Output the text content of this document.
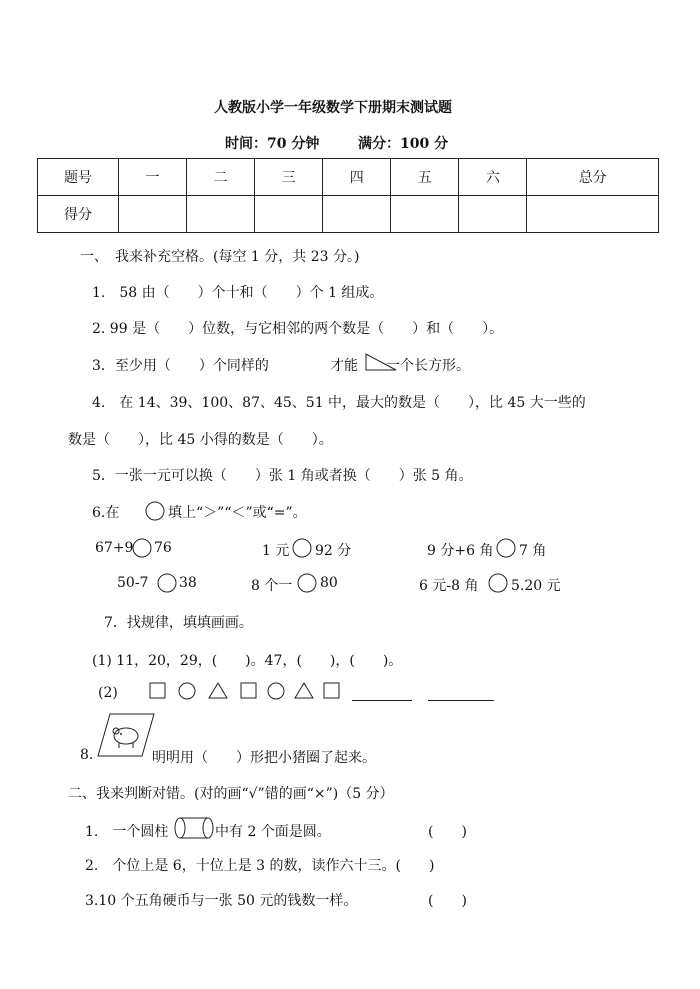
人教版小学一年级数学下册期末测试题
时间：70 分钟	满分：100 分
题号	一	二	三	四	五	六	总分
得分							
一、　我来补充空格。(每空 1 分，共 23 分。)
1.　58 由（　　）个十和（　　）个 1 组成。
2. 99 是（　　）位数，与它相邻的两个数是（　　）和（　　）。
3．至少用（　　）个同样的	才能 一个长方形。
4.　在 14、39、100、87、45、51 中，最大的数是（　　），比 45 大一些的
数是（　　），比 45 小得的数是（　　）。
5．一张一元可以换（　　）张 1 角或者换（　　）张 5 角。
6.在	填上“＞”“＜”或“=”。
67+9 76	1 元 92 分	9 分+6 角 7 角
50-7 38	8 个一 80	6 元-8 角 5.20 元
7．找规律，填填画画。
(1) 11，20，29，(　　)。47，(　　)，(　　)。
(2)
8.	明明用（　　）形把小猪圈了起来。
二、我来判断对错。(对的画“√”错的画“×”)（5 分）
1.　一个圆柱	中有 2 个面是圆。	(　　)
2.　个位上是 6，十位上是 3 的数，读作六十三。(　　)
3.10 个五角硬币与一张 50 元的钱数一样。	(　　)
